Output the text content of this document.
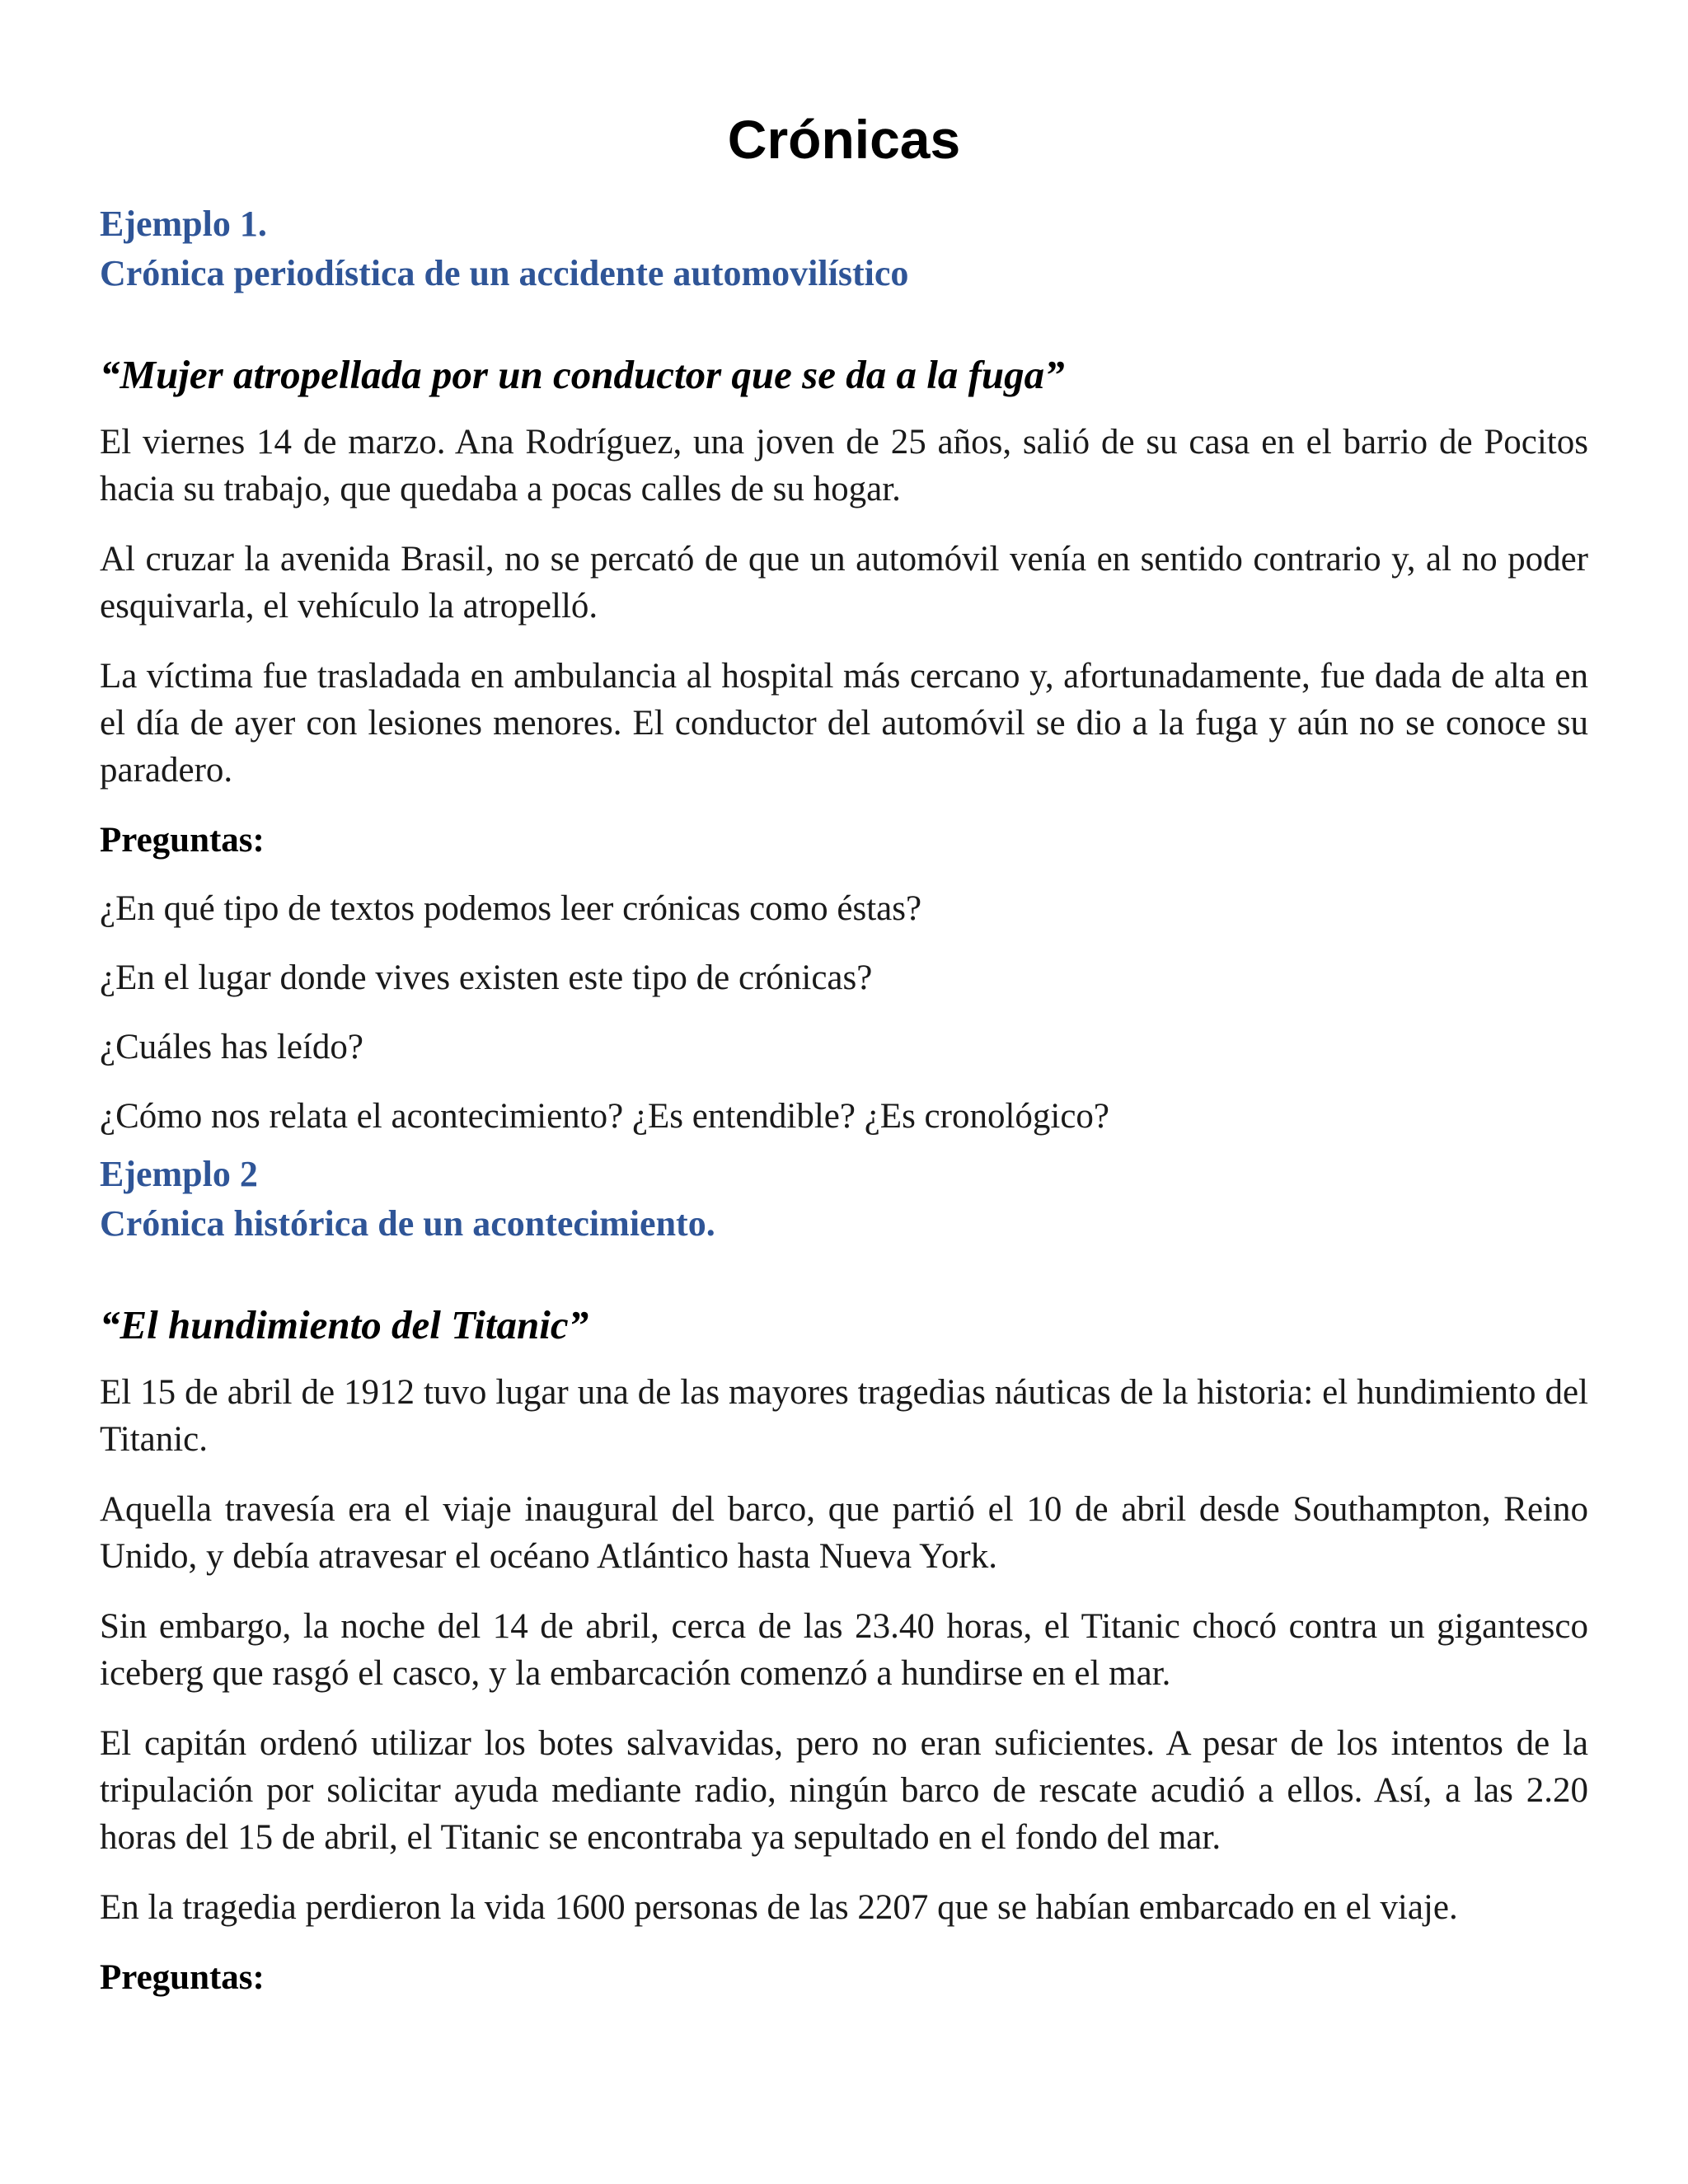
Crónicas

Ejemplo 1.

Crónica periodística de un accidente automovilístico

“Mujer atropellada por un conductor que se da a la fuga”

El viernes 14 de marzo. Ana Rodríguez, una joven de 25 años, salió de su casa en el barrio de Pocitos hacia su trabajo, que quedaba a pocas calles de su hogar.

Al cruzar la avenida Brasil, no se percató de que un automóvil venía en sentido contrario y, al no poder esquivarla, el vehículo la atropelló.

La víctima fue trasladada en ambulancia al hospital más cercano y, afortunadamente, fue dada de alta en el día de ayer con lesiones menores. El conductor del automóvil se dio a la fuga y aún no se conoce su paradero.

Preguntas:

¿En qué tipo de textos podemos leer crónicas como éstas?

¿En el lugar donde vives existen este tipo de crónicas?

¿Cuáles has leído?

¿Cómo nos relata el acontecimiento? ¿Es entendible? ¿Es cronológico?

Ejemplo 2

Crónica histórica de un acontecimiento.

“El hundimiento del Titanic”

El 15 de abril de 1912 tuvo lugar una de las mayores tragedias náuticas de la historia: el hundimiento del Titanic.

Aquella travesía era el viaje inaugural del barco, que partió el 10 de abril desde Southampton, Reino Unido, y debía atravesar el océano Atlántico hasta Nueva York.

Sin embargo, la noche del 14 de abril, cerca de las 23.40 horas, el Titanic chocó contra un gigantesco iceberg que rasgó el casco, y la embarcación comenzó a hundirse en el mar.

El capitán ordenó utilizar los botes salvavidas, pero no eran suficientes. A pesar de los intentos de la tripulación por solicitar ayuda mediante radio, ningún barco de rescate acudió a ellos. Así, a las 2.20 horas del 15 de abril, el Titanic se encontraba ya sepultado en el fondo del mar.

En la tragedia perdieron la vida 1600 personas de las 2207 que se habían embarcado en el viaje.

Preguntas:
